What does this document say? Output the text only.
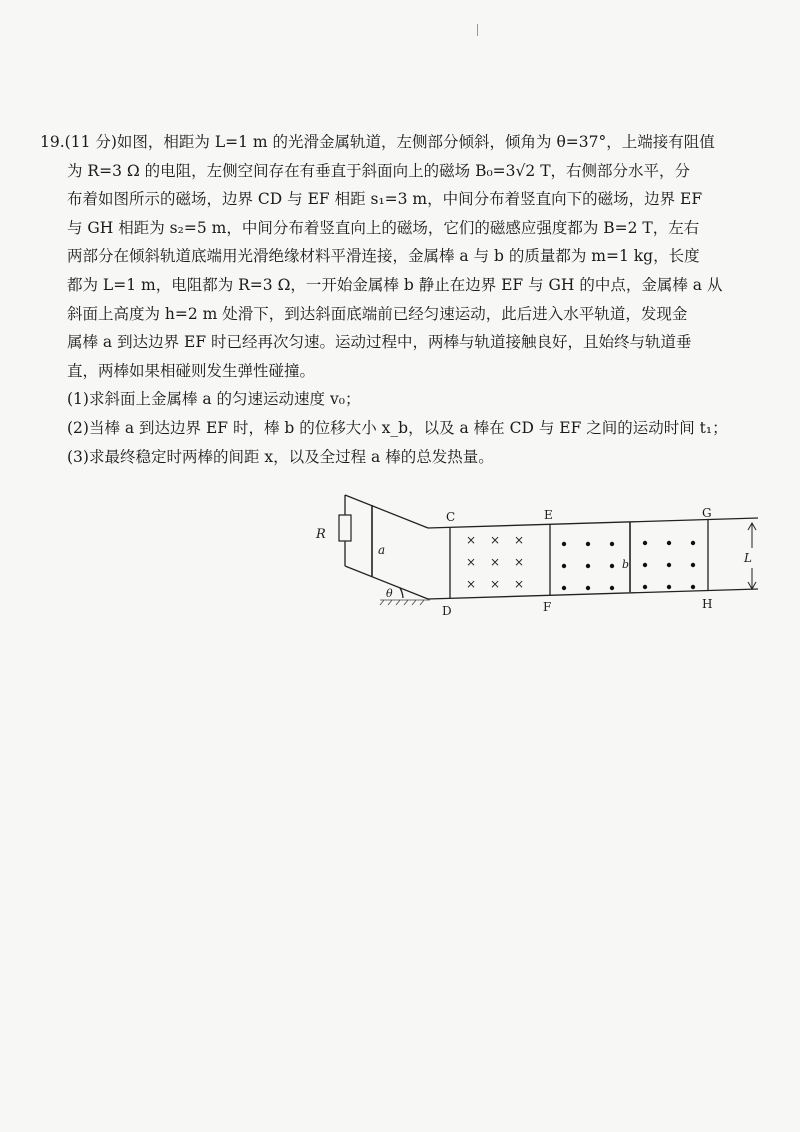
19.(11 分)如图，相距为 L=1 m 的光滑金属轨道，左侧部分倾斜，倾角为 θ=37°，上端接有阻值

为 R=3 Ω 的电阻，左侧空间存在有垂直于斜面向上的磁场 B₀=3√2 T，右侧部分水平，分

布着如图所示的磁场，边界 CD 与 EF 相距 s₁=3 m，中间分布着竖直向下的磁场，边界 EF

与 GH 相距为 s₂=5 m，中间分布着竖直向上的磁场，它们的磁感应强度都为 B=2 T，左右

两部分在倾斜轨道底端用光滑绝缘材料平滑连接，金属棒 a 与 b 的质量都为 m=1 kg，长度

都为 L=1 m，电阻都为 R=3 Ω，一开始金属棒 b 静止在边界 EF 与 GH 的中点，金属棒 a 从

斜面上高度为 h=2 m 处滑下，到达斜面底端前已经匀速运动，此后进入水平轨道，发现金

属棒 a 到达边界 EF 时已经再次匀速。运动过程中，两棒与轨道接触良好，且始终与轨道垂

直，两棒如果相碰则发生弹性碰撞。

(1)求斜面上金属棒 a 的匀速运动速度 v₀；

(2)当棒 a 到达边界 EF 时，棒 b 的位移大小 x_b，以及 a 棒在 CD 与 EF 之间的运动时间 t₁；

(3)求最终稳定时两棒的间距 x，以及全过程 a 棒的总发热量。

× × ×
× × ×
× × ×
R
a
θ
C
D
E
F
G
H
L
b
